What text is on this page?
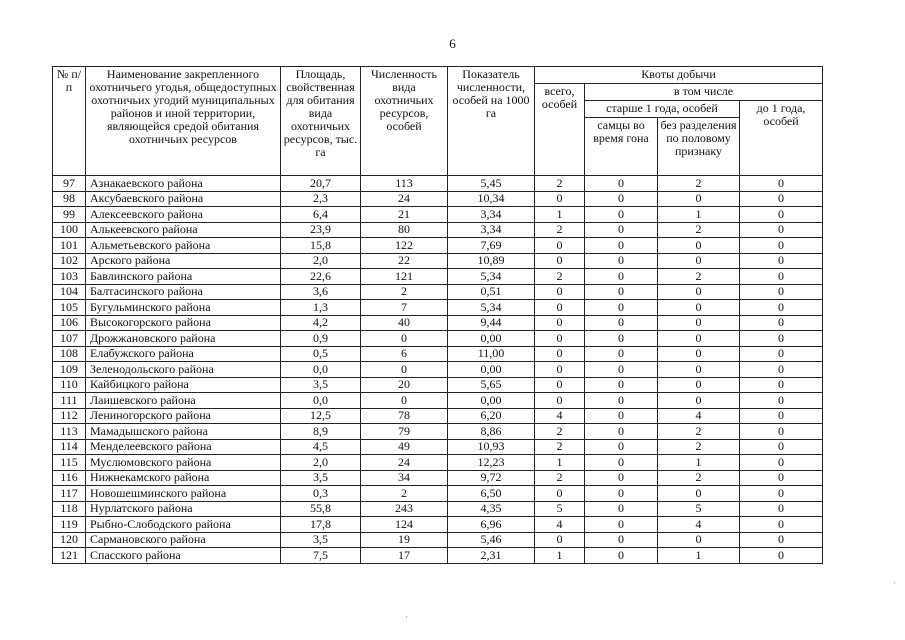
6
№ п/п	Наименование закрепленного охотничьего угодья, общедоступных охотничьих угодий муниципальных районов и иной территории, являющейся средой обитания охотничьих ресурсов	Площадь, свойственная для обитания вида охотничьих ресурсов, тыс. га	Численность вида охотничьих ресурсов, особей	Показатель численности, особей на 1000 га	Квоты добычи			
					всего, особей	в том числе		
						старше 1 года, особей		до 1 года, особей
						самцы во время гона	без разделения по половому признаку	
97	Азнакаевского района	20,7	113	5,45	2	0	2	0
98	Аксубаевского района	2,3	24	10,34	0	0	0	0
99	Алексеевского района	6,4	21	3,34	1	0	1	0
100	Алькеевского района	23,9	80	3,34	2	0	2	0
101	Альметьевского района	15,8	122	7,69	0	0	0	0
102	Арского района	2,0	22	10,89	0	0	0	0
103	Бавлинского района	22,6	121	5,34	2	0	2	0
104	Балтасинского района	3,6	2	0,51	0	0	0	0
105	Бугульминского района	1,3	7	5,34	0	0	0	0
106	Высокогорского района	4,2	40	9,44	0	0	0	0
107	Дрожжановского района	0,9	0	0,00	0	0	0	0
108	Елабужского района	0,5	6	11,00	0	0	0	0
109	Зеленодольского района	0,0	0	0,00	0	0	0	0
110	Кайбицкого района	3,5	20	5,65	0	0	0	0
111	Лаишевского района	0,0	0	0,00	0	0	0	0
112	Лениногорского района	12,5	78	6,20	4	0	4	0
113	Мамадышского района	8,9	79	8,86	2	0	2	0
114	Менделеевского района	4,5	49	10,93	2	0	2	0
115	Муслюмовского района	2,0	24	12,23	1	0	1	0
116	Нижнекамского района	3,5	34	9,72	2	0	2	0
117	Новошешминского района	0,3	2	6,50	0	0	0	0
118	Нурлатского района	55,8	243	4,35	5	0	5	0
119	Рыбно-Слободского района	17,8	124	6,96	4	0	4	0
120	Сармановского района	3,5	19	5,46	0	0	0	0
121	Спасского района	7,5	17	2,31	1	0	1	0
·
·
